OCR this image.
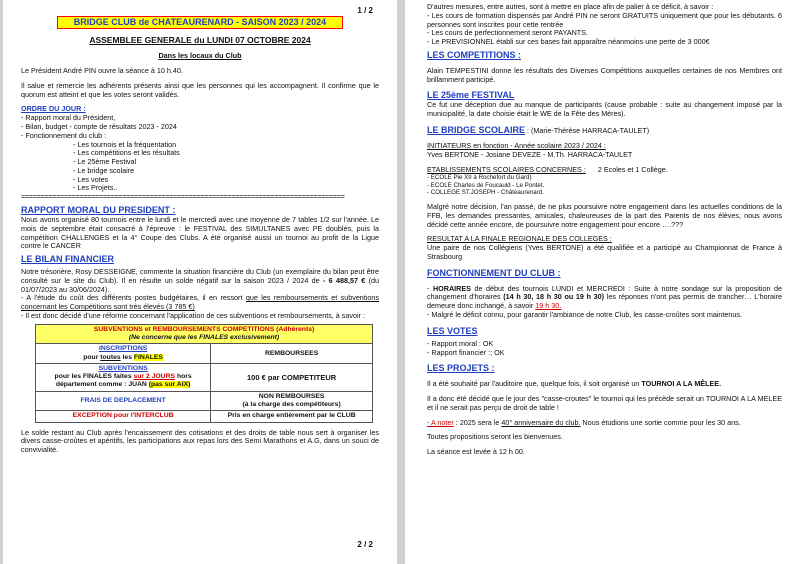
1 / 2
BRIDGE CLUB de CHATEAURENARD - SAISON 2023 / 2024
ASSEMBLEE GENERALE du LUNDI 07 OCTOBRE 2024
Dans les locaux du Club

Le Président André PIN ouvre la séance à 10 h.40.

Il salue et remercie les adhérents présents ainsi que les personnes qui les accompagnent. Il confirme que le quorum est atteint et que les votes seront validés.

ORDRE DU JOUR :

- Rapport moral du Président,

- Bilan, budget - compte de résultats 2023 - 2024

- Fonctionnement du club :

- Les tournois et la fréquentation

- Les compétitions et les résultats

- Le 25ème Festival

- Le bridge scolaire

- Les votes

- Les Projets..

===================================================================================

RAPPORT MORAL DU PRESIDENT :

Nous avons organisé 80 tournois entre le lundi et le mercredi avec une moyenne de 7 tables 1/2 sur l'année. Le mois de septembre était consacré à l'épreuve : le FESTIVAL des SIMULTANES avec PE doublés, puis la compétition CHALLENGES et la 4° Coupe des Clubs. A été organisé aussi un tournoi au profit de la Ligue contre le CANCER

LE BILAN FINANCIER

Notre trésorière, Rosy DESSEIGNE, commente la situation financière du Club (un exemplaire du bilan peut être consulté sur le site du Club). Il en résulte un solde négatif sur la saison 2023 / 2024 de - 6 488,57 € (du 01/07/2023 au 30/06/2024).

- A l'étude du coût des différents postes budgétaires, il en ressort que les remboursements et subventions concernant les Compétitions sont très élevés (3 785 €)

- Il est donc décidé d'une réforme concernant l'application de ces subventions et remboursements, à savoir :

SUBVENTIONS et REMBOURSEMENTS COMPETITIONS (Adhérents)
(Ne concerne que les FINALES exclusivement)	

INSCRIPTIONS
pour toutes les FINALES	REMBOURSEES

SUBVENTIONS
pour les FINALES faites sur 2 JOURS hors
département comme : JUAN (pas sur AIX)	100 € par COMPETITEUR
FRAIS DE DEPLACEMENT	NON REMBOURSES
(à la charge des compétiteurs)

EXCEPTION pour l'INTERCLUB	Pris en charge entièrement par le CLUB

Le solde restant au Club après l'encaissement des cotisations et des droits de table nous sert à organiser les divers casse-croûtes et apéritifs, les participations aux repas lors des Semi Marathons et A.G, dans un souci de convivialité.

2 / 2

D'autres mesures, entre autres, sont à mettre en place afin de palier à ce déficit, à savoir :

- Les cours de formation dispensés par André PIN ne seront GRATUITS uniquement que pour les débutants. 6 personnes sont inscrites pour cette rentrée

- Les cours de perfectionnement seront PAYANTS.

- Le PREVISIONNEL établi sur ces bases fait apparaître néanmoins une perte de 3 000€

LES COMPETITIONS :

Alain TEMPESTINI donne les résultats des Diverses Compétitions auxquelles certaines de nos Membres ont brillamment participé.

LE 25ème FESTIVAL

Ce fut une déception due au manque de participants (cause probable : suite au changement imposé par la municipalité, la date choisie était le WE de la Fête des Mères).

LE BRIDGE SCOLAIRE : (Marie-Thérèse HARRACA-TAULET)

INITIATEURS en fonction - Année scolaire 2023 / 2024 :

Yves BERTONE - Josiane DEVEZE - M.Th. HARRACA-TAULET

ETABLISSEMENTS SCOLAIRES CONCERNES : 2 Ecoles et 1 Collège.

- ECOLE Pie XII à Rochefort du Gard)

- ECOLE Charles de Foucauld - Le Pontet.

- COLLEGE ST.JOSEPH - Châteaurenard.

Malgré notre décision, l'an passé, de ne plus poursuivre notre engagement dans les actuelles conditions de la FFB, les demandes pressantes, amicales, chaleureuses de la part des Parents de nos élèves, nous avons décidé cette année encore, de poursuivre notre engagement pour encore ….???

RESULTAT A LA FINALE REGIONALE DES COLLEGES :

Une paire de nos Collégiens (Yves BERTONE) a été qualifiée et a participé au Championnat de France à Strasbourg

FONCTIONNEMENT DU CLUB :

- HORAIRES de début des tournois LUNDI et MERCREDI : Suite à notre sondage sur la proposition de changement d'horaires (14 h 30, 18 h 30 ou 19 h 30) les réponses n'ont pas permis de trancher… L'horaire demeure donc inchangé, à savoir 19 h 30.

- Malgré le déficit connu, pour garantir l'ambiance de notre Club, les casse-croûtes sont maintenus.

LES VOTES

- Rapport moral : OK

- Rapport financier :; OK

LES PROJETS :

Il a été souhaité par l'auditoire que, quelque fois, il soit organisé un TOURNOI A LA MÊLEE.

Il a donc été décidé que le jour des "casse-croutes" le tournoi qui les précède serait un TOURNOI A LA MELEE et il ne serait pas perçu de droit de table !

- A noter : 2025 sera le 40° anniversaire du club. Nous étudions une sortie comme pour les 30 ans.

Toutes propositions seront les bienvenues.

La séance est levée à 12 h 00.
